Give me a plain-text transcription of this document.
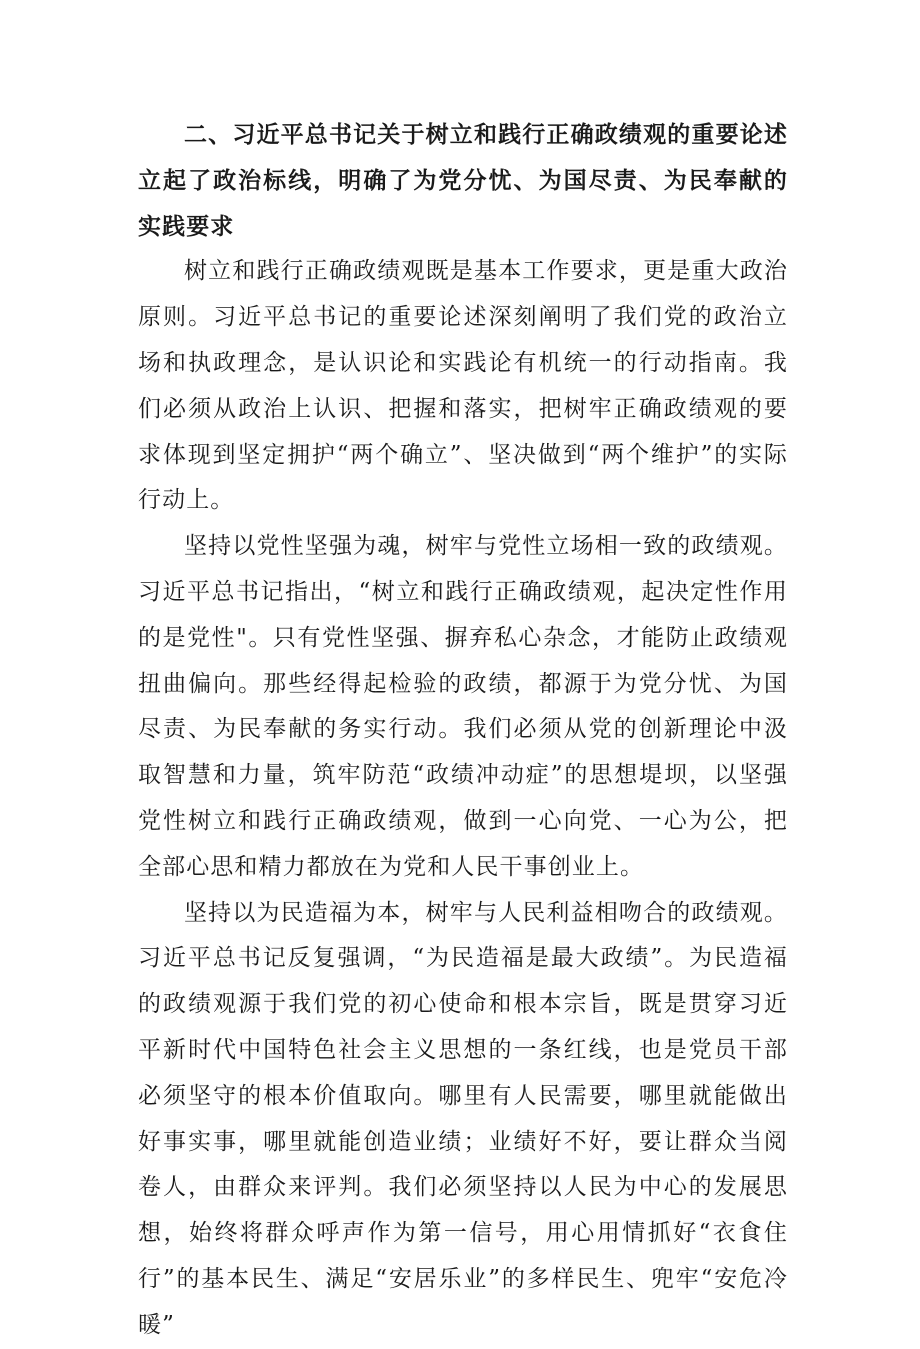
二、习近平总书记关于树立和践行正确政绩观的重要论述立起了政治标线，明确了为党分忧、为国尽责、为民奉献的实践要求

树立和践行正确政绩观既是基本工作要求，更是重大政治原则。习近平总书记的重要论述深刻阐明了我们党的政治立场和执政理念，是认识论和实践论有机统一的行动指南。我们必须从政治上认识、把握和落实，把树牢正确政绩观的要求体现到坚定拥护“两个确立”、坚决做到“两个维护”的实际行动上。

坚持以党性坚强为魂，树牢与党性立场相一致的政绩观。习近平总书记指出，“树立和践行正确政绩观，起决定性作用的是党性"。只有党性坚强、摒弃私心杂念，才能防止政绩观扭曲偏向。那些经得起检验的政绩，都源于为党分忧、为国尽责、为民奉献的务实行动。我们必须从党的创新理论中汲取智慧和力量，筑牢防范“政绩冲动症”的思想堤坝，以坚强党性树立和践行正确政绩观，做到一心向党、一心为公，把全部心思和精力都放在为党和人民干事创业上。

坚持以为民造福为本，树牢与人民利益相吻合的政绩观。习近平总书记反复强调，“为民造福是最大政绩”。为民造福的政绩观源于我们党的初心使命和根本宗旨，既是贯穿习近平新时代中国特色社会主义思想的一条红线，也是党员干部必须坚守的根本价值取向。哪里有人民需要，哪里就能做出好事实事，哪里就能创造业绩；业绩好不好，要让群众当阅卷人，由群众来评判。我们必须坚持以人民为中心的发展思想，始终将群众呼声作为第一信号，用心用情抓好“衣食住行”的基本民生、满足“安居乐业”的多样民生、兜牢“安危冷暖”
